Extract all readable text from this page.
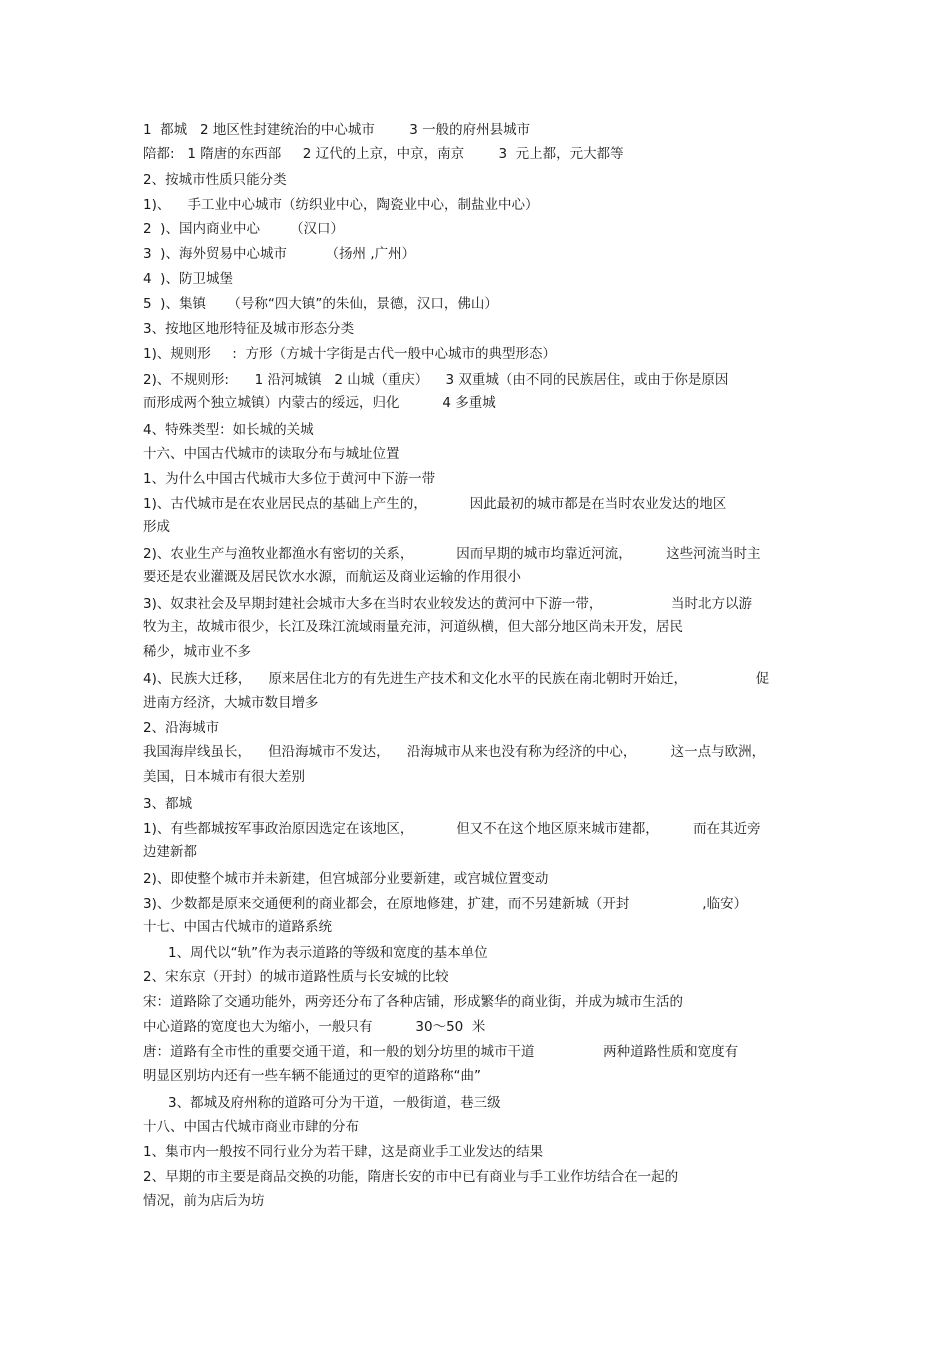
1  都城   2 地区性封建统治的中心城市        3 一般的府州县城市
陪都:   1 隋唐的东西部     2 辽代的上京，中京，南京        3  元上都，元大都等
2、按城市性质只能分类
1)、    手工业中心城市（纺织业中心，陶瓷业中心，制盐业中心）
2  )、国内商业中心       （汉口）
3  )、海外贸易中心城市         （扬州 ,广州）
4  )、防卫城堡
5  )、集镇     （号称“四大镇”的朱仙，景德，汉口，佛山）
3、按地区地形特征及城市形态分类
1)、规则形     :  方形（方城十字街是古代一般中心城市的典型形态）
2)、不规则形:      1 沿河城镇   2 山城（重庆）    3 双重城（由不同的民族居住，或由于你是原因
而形成两个独立城镇）内蒙古的绥远，归化          4 多重城
4、特殊类型：如长城的关城
十六、中国古代城市的读取分布与城址位置
1、为什么中国古代城市大多位于黄河中下游一带
1)、古代城市是在农业居民点的基础上产生的，          因此最初的城市都是在当时农业发达的地区
形成
2)、农业生产与渔牧业都渔水有密切的关系，          因而早期的城市均靠近河流，        这些河流当时主
要还是农业灌溉及居民饮水水源，而航运及商业运输的作用很小
3)、奴隶社会及早期封建社会城市大多在当时农业较发达的黄河中下游一带，                当时北方以游
牧为主，故城市很少，长江及珠江流域雨量充沛，河道纵横，但大部分地区尚未开发，居民
稀少，城市业不多
4)、民族大迁移，    原来居住北方的有先进生产技术和文化水平的民族在南北朝时开始迁，                促
进南方经济，大城市数目增多
2、沿海城市
我国海岸线虽长，    但沿海城市不发达，    沿海城市从来也没有称为经济的中心，        这一点与欧洲，
美国，日本城市有很大差别
3、都城
1)、有些都城按军事政治原因选定在该地区，          但又不在这个地区原来城市建都，        而在其近旁
边建新都
2)、即使整个城市并未新建，但宫城部分业要新建，或宫城位置变动
3)、少数都是原来交通便利的商业都会，在原地修建，扩建，而不另建新城（开封                 ,临安）
十七、中国古代城市的道路系统
1、周代以“轨”作为表示道路的等级和宽度的基本单位
2、宋东京（开封）的城市道路性质与长安城的比较
宋：道路除了交通功能外，两旁还分布了各种店铺，形成繁华的商业街，并成为城市生活的
中心道路的宽度也大为缩小，一般只有          30～50  米
唐：道路有全市性的重要交通干道，和一般的划分坊里的城市干道                两种道路性质和宽度有
明显区别坊内还有一些车辆不能通过的更窄的道路称“曲”
3、都城及府州称的道路可分为干道，一般街道，巷三级
十八、中国古代城市商业市肆的分布
1、集市内一般按不同行业分为若干肆，这是商业手工业发达的结果
2、早期的市主要是商品交换的功能，隋唐长安的市中已有商业与手工业作坊结合在一起的
情况，前为店后为坊
